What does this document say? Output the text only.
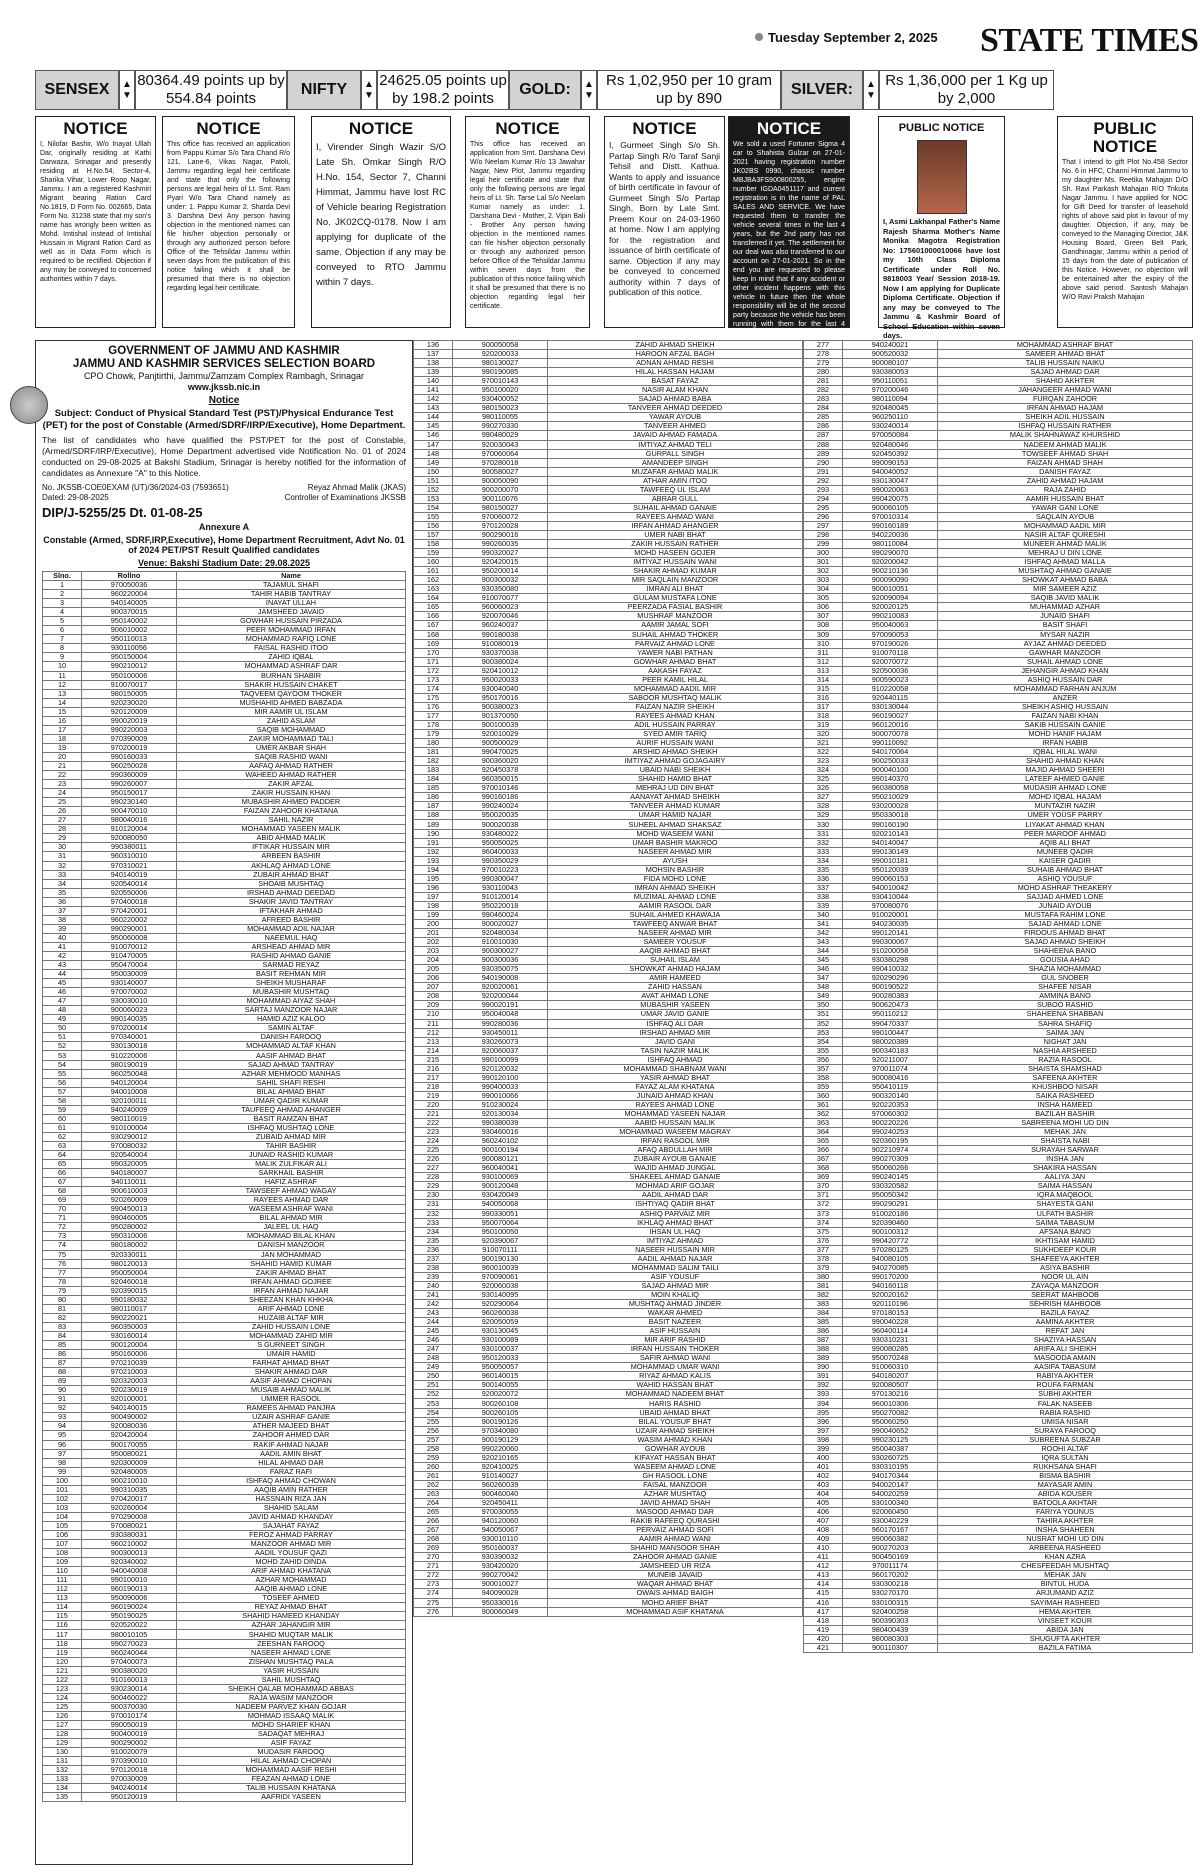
Tuesday September 2, 2025 STATE TIMES
SENSEX	▲
▼
80364.49 points up by 554.84 points
NIFTY	▲
▼
24625.05 points up by 198.2 points
GOLD:	▲
▼
Rs 1,02,950 per 10 gram up by 890
SILVER:	▲
▼
Rs 1,36,000 per 1 Kg up by 2,000
NOTICE

I, Nilofar Bashir, W/o Inayat Ullah Dar, originally residing at Kathi Darwaza, Srinagar and presently residing at H.No.54, Sector-4, Sharika Vihar, Lower Roop Nagar, Jammu. I am a registered Kashmiri Migrant bearing Ration Card No.1819, D Form No. 002665, Data Form No. 31238 state that my son's name has wrongly been written as Mohd. Imtishal instead of Imtishal Hussain in Migrant Ration Card as well as in Data Form which is required to be rectified. Objection if any may be conveyed to concerned authorities within 7 days.

NOTICE

This office has received an application from Pappu Kumar S/o Tara Chand R/o 121, Lane-6, Vikas Nagar, Patoli, Jammu regarding legal heir certificate and state that only the following persons are legal heirs of Lt. Smt. Ram Pyari W/o Tara Chand namely as under: 1. Pappu Kumar 2. Sharda Devi 3. Darshna Devi Any person having objection in the mentioned names can file his/her objection personally or through any authorized person before Office of the Tehsildar Jammu within seven days from the publication of this notice failing which it shall be presumed that there is no objection regarding legal heir certificate.

NOTICE

I, Virender Singh Wazir S/O Late Sh. Omkar Singh R/O H.No. 154, Sector 7, Channi Himmat, Jammu have lost RC of Vehicle bearing Registration No. JK02CQ-0178. Now I am applying for duplicate of the same. Objection if any may be conveyed to RTO Jammu within 7 days.

NOTICE

This office has received an application from Smt. Darshana Devi W/o Neelam Kumar R/o 13 Jawahar Nagar, New Plot, Jammu regarding legal heir certificate and state that only the following persons are legal heirs of Lt. Sh. Tarse Lal S/o Neelam Kumar namely as under: 1. Darshana Devi - Mother, 2. Vipin Bali - Brother Any person having objection in the mentioned names can file his/her objection personally or through any authorized person before Office of the Tehsildar Jammu within seven days from the publication of this notice failing which it shall be presumed that there is no objection regarding legal heir certificate.

NOTICE

I, Gurmeet Singh S/o Sh. Partap Singh R/o Taraf Sanji Tehsil and Distt. Kathua. Wants to apply and issuance of birth certificate in favour of Gurmeet Singh S/o Partap Singh, Born by Late Smt. Preem Kour on 24-03-1960 at home. Now I am applying for the registration and issuance of birth certificate of same. Objection if any may be conveyed to concerned authority within 7 days of publication of this notice.

NOTICE

We sold a used Fortuner Sigma 4 car to Shahista Gulzar on 27-01-2021 having registration number JK02BS 0990, chassis number MBJBA3FS900800255, engine number IGDA0451117 and current registration is in the name of PAL SALES AND SERVICE. We have requested them to transfer the vehicle several times in the last 4 years, but the 2nd party has not transferred it yet. The settlement for our deal was also transferred to our account on 27-01-2021. So in the end you are requested to please keep in mind that if any accident or other incident happens with this vehicle in future then the whole responsibility will be of the second party because the vehicle has been running with them for the last 4 years and has not been transferred by them yet.

PUBLIC NOTICE

I, Asmi Lakhanpal Father's Name Rajesh Sharma Mother's Name Monika Magotra Registration No: 175601000010066 have lost my 10th Class Diploma Certificate under Roll No. 9818003 Year/ Session 2018-19. Now I am applying for Duplicate Diploma Certificate. Objection if any may be conveyed to The Jammu & Kashmir Board of School Education within seven days.

PUBLIC NOTICE

That I intend to gift Plot No.458 Sector No. 6 in HFC, Channi Himmat Jammu to my daughter Ms. Reetika Mahajan D/O Sh. Ravi Parkash Mahajan R/O Trikuta Nagar Jammu. I have applied for NOC for Gift Deed for transfer of leasehold rights of above said plot in favour of my daughter. Objection, if any, may be conveyed to the Managing Director, J&K Housing Board, Green Belt Park, Gandhinagar, Jammu within a period of 15 days from the date of publication of this Notice. However, no objection will be entertained after the expiry of the above said period. Santosh Mahajan W/O Ravi Praksh Mahajan

GOVERNMENT OF JAMMU AND KASHMIR
JAMMU AND KASHMIR SERVICES SELECTION BOARD
CPO Chowk, Panjtirthi, Jammu/Zamzam Complex Rambagh, Srinagar
www.jkssb.nic.in
Notice
Subject: Conduct of Physical Standard Test (PST)/Physical Endurance Test (PET) for the post of Constable (Armed/SDRF/IRP/Executive), Home Department.
The list of candidates who have qualified the PST/PET for the post of Constable, (Armed/SDRF/IRP/Executive), Home Department advertised vide Notification No. 01 of 2024 conducted on 29-08-2025 at Bakshi Stadium, Srinagar is hereby notified for the information of candidates as Annexure "A" to this Notice.
No. JKSSB-COE0EXAM (UT)/36/2024-03 (7593651)
Dated: 29-08-2025
Reyaz Ahmad Malik (JKAS)
Controller of Examinations JKSSB
DIP/J-5255/25 Dt. 01-08-25
Annexure A
Constable (Armed, SDRF,IRP,Executive), Home Department Recruitment, Advt No. 01 of 2024 PET/PST Result Qualified candidates
Venue: Bakshi Stadium Date: 29.08.2025
Slno.	Rollno	Name
1	970050036	TAJAMUL SHAFI
2	960220004	TAHIR HABIB TANTRAY
3	940140005	INAYAT ULLAH
4	900370015	JAMSHEED JAVAID
5	950140002	GOWHAR HUSSAIN PIRZADA
6	906010002	PEER MOHAMMAD IRFAN
7	950110013	MOHAMMAD RAFIQ LONE
8	930110056	FAISAL RASHID ITOO
9	950150004	ZAHID IQBAL
10	990210012	MOHAMMAD ASHRAF DAR
11	950100006	BURHAN SHABIR
12	910070017	SHAKIR HUSSAIN CHAKET
13	980150005	TAQVEEM QAYOOM THOKER
14	920230020	MUSHAHID AHMED BABZADA
15	920120009	MIR AAMIR UL ISLAM
16	990020019	ZAHID ASLAM
17	990220003	SAQIB MOHAMMAD
18	970390009	ZAKIR MOHAMMAD TALI
19	970200019	UMER AKBAR SHAH
20	990160033	SAQIB RASHID WANI
21	960250028	AAFAQ AHMAD RATHER
22	990360009	WAHEED AHMAD RATHER
23	990260007	ZAKIR AFZAL
24	950150017	ZAKIR HUSSAIN KHAN
25	990230140	MUBASHIR AHMED PADDER
26	900470010	FAIZAN ZAHOOR KHATANA
27	980040016	SAHIL NAZIR
28	910120004	MOHAMMAD YASEEN MALIK
29	920080050	ABID AHMAD MALIK
30	990380011	IFTIKAR HUSSAIN MIR
31	960310010	ARBEEN BASHIR
32	970310021	AKHLAQ AHMAD LONE
33	940140019	ZUBAIR AHMAD BHAT
34	920540014	SHOAIB MUSHTAQ
35	920550006	IRSHAD AHMAD DEEDAD
36	970400018	SHAKIR JAVID TANTRAY
37	970420001	IFTAKHAR AHMAD
38	960220002	AFREED BASHIR
39	990290001	MOHAMMAD ADIL NAJAR
40	950060008	NAEEMUL HAQ
41	910070012	ARSHEAD AHMAD MIR
42	910470005	RASHID AHMAD GANIE
43	950470004	SARMAD REYAZ
44	950030009	BASIT REHMAN MIR
45	930140007	SHEIKH MUSHARAF
46	970070002	MUBASHIR MUSHTAQ
47	930030010	MOHAMMAD AIYAZ SHAH
48	900060023	SARTAJ MANZOOR NAJAR
49	990140035	HAMID AZIZ KALOO
50	970200014	SAMIN ALTAF
51	970340001	DANISH FAROOQ
52	930130018	MOHAMMAD ALTAF KHAN
53	910220006	AASIF AHMAD BHAT
54	980190019	SAJAD AHMAD TANTRAY
55	960250048	AZHAR MEHMOOD MANHAS
56	940120004	SAHIL SHAFI RESHI
57	940010008	BILAL AHMAD BHAT
58	920100011	UMAR QADIR KUMAR
59	940240009	TAUFEEQ AHMAD AHANGER
60	980110019	BASIT RAMZAN BHAT
61	910100004	ISHFAQ MUSHTAQ LONE
62	930290012	ZUBAID AHMAD MIR
63	970080032	TAHIR BASHIR
64	920540004	JUNAID RASHID KUMAR
65	990320005	MALIK ZULFIKAR ALI
66	940180007	SARKHAIL BASHIR
67	940110011	HAFIZ ASHRAF
68	900610003	TAWSEEF AHMAD WAGAY
69	920260009	RAYEES AHMAD DAR
70	990450013	WASEEM ASHRAF WANI
71	990460005	BILAL AHMAD MIR
72	950280002	JALEEL UL HAQ
73	990310006	MOHAMMAD BILAL KHAN
74	980180002	DANISH MANZOOR
75	920330011	JAN MOHAMMAD
76	980120013	SHAHID HAMID KUMAR
77	950050004	ZAKIR AHMAD BHAT
78	920460018	IRFAN AHMAD GOJREE
79	920390015	IRFAN AHMAD NAJAR
80	990180032	SHEEZAN KHAN KHKHA
81	980110017	ARIF AHMAD LONE
82	990220021	HUZAIB ALTAF MIR
83	960350003	ZAHID HUSSAIN LONE
84	930160014	MOHAMMAD ZAHID MIR
85	900120004	S GURNEET SINGH
86	950160006	UMAIR HAMID
87	970210039	FARHAT AHMAD BHAT
88	970210003	SHAKIR AHMAD DAR
89	920320003	AASIF AHMAD CHOPAN
90	920230019	MUSAIB AHMAD MALIK
91	920100001	UMMER RASOOL
92	940140015	RAMEES AHMAD PANJRA
93	900490002	UZAIR ASHRAF GANIE
94	920080036	ATHER MAJEED BHAT
95	920420004	ZAHOOR AHMED DAR
96	900170055	RAKIF AHMAD NAJAR
97	950080021	AADIL AMIN BHAT
98	920300009	HILAL AHMAD DAR
99	920480005	FARAZ RAFI
100	900210010	ISHFAQ AHMAD CHOWAN
101	990310035	AAQIB AMIN RATHER
102	970420017	HASSNAIN RIZA JAN
103	920260004	SHAHID SALAM
104	970290008	JAVID AHMAD KHANDAY
105	970080021	SAJAHAT FAYAZ
106	930380031	FEROZ AHMAD PARRAY
107	960210002	MANZOOR AHMAD MIR
108	900300013	AADIL YOUSUF QAZI
109	920340002	MOHD ZAHID DINDA
110	940040008	ARIF AHMAD KHATANA
111	990100010	AZHAR MOHAMMAD
112	960190013	AAQIB AHMAD LONE
113	950090006	TOSEEF AHMED
114	960190024	REYAZ AHMAD BHAT
115	950190025	SHAHID HAMEED KHANDAY
116	920520022	AZHAR JAHANGIR MIR
117	980010105	SHAHID MUQTAR MALIK
118	990270023	ZEESHAN FAROOQ
119	960240044	NASEER AHMAD LONE
120	970400073	ZISHAN MUSHTAQ PALA
121	900380020	YASIR HUSSAIN
122	910160013	SAHIL MUSHTAQ
123	930230014	SHEIKH QALAB MOHAMMAD ABBAS
124	900460022	RAJA WASIM MANZOOR
125	900370030	NADEEM PARVEZ KHAN GOJAR
126	970010174	MOHMAD ISSAAQ MALIK
127	990050019	MOHD SHARIEF KHAN
128	900400019	SADAQAT MEHRAJ
129	900290002	ASIF FAYAZ
130	910020079	MUDASIR FAROOQ
131	970390010	HILAL AHMAD CHOPAN
132	970120018	MOHAMMAD AASIF RESHI
133	970030009	FEAZAN AHMAD LONE
134	940240014	TALIB HUSSAIN KHATANA
135	950120019	AAFRIDI YASEEN
136	900050058	ZAHID AHMAD SHEIKH
137	920200033	HAROON AFZAL BAGH
138	980130027	ADNAN AHMAD RESHI
139	990190085	HILAL HASSAN HAJAM
140	970010143	BASAT FAYAZ
141	950100020	NASIR ALAM KHAN
142	930400052	SAJAD AHMAD BABA
143	980150023	TANVEER AHMAD DEEDED
144	980110055	YAWAR AYOUB
145	990270330	TANVEER AHMED
146	990480029	JAVAID AHMAD FAMADA
147	920030043	IMTIYAZ AHMAD TELI
148	970060064	GURPALL SINGH
149	970280018	AMANDEEP SINGH
150	900580027	MUZAFAR AHMAD MALIK
151	900050090	ATHAR AMIN ITOO
152	900200070	TAWFEEQ UL ISLAM
153	900110076	ABRAR GULL
154	980150027	SUHAIL AHMAD GANAIE
155	970060072	RAYEES AHMAD WANI
156	970120028	IRFAN AHMAD AHANGER
157	900290016	UMER NABI BHAT
158	990260035	ZAKIR HUSSAIN RATHER
159	990320027	MOHD HASEEN GOJER
160	920420015	IMTIYAZ HUSSAIN WANI
161	950200014	SHAKIR AHMAD KUMAR
162	900300032	MIR SAQLAIN MANZOOR
163	930350080	IMRAN ALI BHAT
164	910070077	GULAM MUSTAFA LONE
165	960060023	PEERZADA FASIAL BASHIR
166	920070046	MUSHRAF MANZOOR
167	960240037	AAMIR JAMAL SOFI
168	990180038	SUHAIL AHMAD THOKER
169	910080019	PARVAIZ AHMAD LONE
170	930370038	YAWER NABI PATHAN
171	900380024	GOWHAR AHMAD BHAT
172	920410012	AAKASH FAYAZ
173	950020033	PEER KAMIL HILAL
174	930040040	MOHAMMAD AADIL MIR
175	950170016	SABOOR MUSHTAQ MALIK
176	900380023	FAIZAN NAZIR SHEIKH
177	901370050	RAYEES AHMAD KHAN
178	900100039	ADIL HUSSAIN PARRAY
179	920010029	SYED AMIR TARIQ
180	900500029	AURIF HUSSAIN WANI
181	990470025	ARSHID AHMAD SHEIKH
182	900360020	IMTIYAZ AHMAD GOJAGAIRY
183	920450378	UBAID NABI SHEIKH
184	960350015	SHAHID HAMID BHAT
185	970010146	MEHRAJ UD DIN BHAT
186	990160186	AANAYAT AHMAD SHEIKH
187	990240024	TANVEER AHMAD KUMAR
188	950020035	UMAR HAMID NAJAR
189	900020038	SUHEEL AHMAD SHAKSAZ
190	930480022	MOHD WASEEM WANI
191	950050025	UMAR BASHIR MAKROO
192	960400033	NASEER AHMAD MIR
193	990350029	AYUSH
194	970010223	MOHSIN BASHIR
195	990300047	FIDA MOHD LONE
196	930110043	IMRAN AHMAD SHEIKH
197	910120014	MUZIMAL AHMAD LONE
198	950220018	AAMIR RASOOL DAR
199	990460024	SUHAIL AHMED KHAWAJA
200	900020027	TAWFEEQ ANWAR BHAT
201	920480034	NASEER AHMAD MIR
202	910010030	SAMEER YOUSUF
203	900300027	AAQIB AHMAD BHAT
204	900300036	SUHAIL ISLAM
205	930350075	SHOWKAT AHMAD HAJAM
206	940190008	AMIR HAMEED
207	920020061	ZAHID HASSAN
208	920200044	AVAT AHMAD LONE
209	990020191	MUBASHIR YASEEN
210	950040048	UMAR JAVID GANIE
211	990280036	ISHFAQ ALI DAR
212	930450011	IRSHAD AHMAD MIR
213	930260073	JAVID GANI
214	920060037	TASIN NAZIR MALIK
215	990100099	ISHFAQ AHMAD
216	920120032	MOHAMMAD SHABNAM WANI
217	990120100	YASIR AHMAD BHAT
218	990400033	FAYAZ ALAM KHATANA
219	990010066	JUNAID AHMAD KHAN
220	910230024	RAYEES AHMAD LONE
221	920130034	MOHAMMAD YASEEN NAJAR
222	990380039	AABID HUSSAIN MALIK
223	930460016	MOHAMMAD WASEEM MAGRAY
224	960240102	IRFAN RASOOL MIR
225	900100194	AFAQ ABDULLAH MIR
226	900080121	ZUBAIR AYOUB GANAIE
227	960040041	WAJID AHMAD JUNGAL
228	930100069	SHAKEEL AHMAD GANAIE
229	900120048	MOHMAD ARIF GOJAR
230	930420049	AADIL AHMAD DAR
231	940050068	ISHTIYAQ QADIR BHAT
232	990330051	ASHIQ PARVAIZ MIR
233	950070064	IKHLAQ AHMAD BHAT
234	950100050	IHSAN UL HAQ
235	920390067	IMTIYAZ AHMAD
236	910070111	NASEER HUSSAIN MIR
237	900190130	AADIL AHMAD NAJAR
238	960010039	MOHAMMAD SALIM TAILI
239	970090061	ASIF YOUSUF
240	920060038	SAJAD AHMAD MIR
241	930140095	MOIN KHALIQ
242	920290064	MUSHTAQ AHMAD JINDER
243	960260038	WAKAR AHMED
244	920050059	BASIT NAZEER
245	930130045	ASIF HUSSAIN
246	930100089	MIR ARIF RASHID
247	930100037	IRFAN HUSSAIN THOKER
248	950120033	SAFIR AHMAD WANI
249	950050057	MOHAMMAD UMAR WANI
250	960140015	RIYAZ AHMAD KALIS
251	900140055	WAHID HASSAN BHAT
252	920020072	MOHAMMAD NADEEM BHAT
253	900260108	HARIS RASHID
254	900260105	UBAID AHMAD BHAT
255	900190126	BILAL YOUSUF BHAT
256	970340080	UZAIR AHMAD SHEIKH
257	900190129	WASIM AHMAD KHAN
258	990220060	GOWHAR AYOUB
259	920210165	KIFAYAT HASSAN BHAT
260	920410025	WASEEM AHMAD LONE
261	910140027	GH RASOOL LONE
262	960260039	FAISAL MANZOOR
263	900460040	AZHAR MUSHTAQ
264	920450411	JAVID AHMAD SHAH
265	970030055	MASOOD AHMAD DAR
266	940120060	RAKIB RAFEEQ QURASHI
267	940050067	PERVAIZ AHMAD SOFI
268	930010110	AAMIR AHMAD WANI
269	950160037	SHAHID MANSOOR SHAH
270	930390032	ZAHOOR AHMAD GANIE
271	930420020	JAMSHEED UR RIZA
272	990270042	MUNEIB JAVAID
273	900010027	WAQAR AHMAD BHAT
274	940090028	OWAIS AHMAD BAIGH
275	950330016	MOHD ARIEF BHAT
276	900060049	MOHAMMAD ASIF KHATANA
277	940240021	MOHAMMAD ASHRAF BHAT
278	900520032	SAMEER AHMAD BHAT
279	900080107	TALIB HUSSAIN NAIKU
280	930380053	SAJAD AHMAD DAR
281	950110051	SHAHID AKHTER
282	970200046	JAHANGEER AHMAD WANI
283	980110094	FURQAN ZAHOOR
284	920480045	IRFAN AHMAD HAJAM
285	960250110	SHEIKH ADIL HUSSAIN
286	930240014	ISHFAQ HUSSAIN RATHER
287	970050084	MALIK SHAHNAWAZ KHURSHID
288	920480046	NADEEM AHMAD MALIK
289	920450392	TOWSEEF AHMAD SHAH
290	990090153	FAIZAN AHMAD SHAH
291	940040052	DANISH FAYAZ
292	930130047	ZAHID AHMAD HAJAM
293	990020063	RAJA ZAHID
294	990420075	AAMIR HUSSAIN BHAT
295	900060105	YAWAR GANI LONE
296	970010314	SAQLAIN AYOUB
297	990160189	MOHAMMAD AADIL MIR
298	940220036	NASIR ALTAF QURESHI
299	980110084	MUNEER AHMAD MALIK
300	990290070	MEHRAJ U DIN LONE
301	920200042	ISHFAQ AHMAD MALLA
302	900210136	MUSHTAQ AHMAD GANAIE
303	900090090	SHOWKAT AHMAD BABA
304	900010051	MIR SAMEER AZIZ
305	920090094	SAQIB JAVID MALIK
306	920020125	MUHAMMAD AZHAR
307	990210083	JUNAID SHAFI
308	950040063	BASIT SHAFI
309	970090053	MYSAR NAZIR
310	970190026	AYJAZ AHMAD DEEDED
311	910070118	GAWHAR MANZOOR
312	920070072	SUHAIL AHMAD LONE
313	920500036	JEHANGIR AHMAD KHAN
314	900590023	ASHIQ HUSSAIN DAR
315	910220058	MOHAMMAD FARHAN ANJUM
316	920440115	ANZER
317	930130044	SHEIKH ASHIQ HUSSAIN
318	960190027	FAIZAN NABI KHAN
319	960120016	SAKIB HUSSAIN GANIE
320	900070078	MOHD HANIF HAJAM
321	990110092	IRFAN HABIB
322	940170064	IQBAL HILAL WANI
323	900250033	SHAHID AHMAD KHAN
324	900040100	MAJID AHMAD SHEERI
325	990140370	LATEEF AHMED GANIE
326	960380058	MUDASIR AHMAD LONE
327	950210029	MOHD IQBAL HAJAM
328	930200028	MUNTAZIR NAZIR
329	950330018	UMER YOUSF PARRY
330	990160190	LIYAKAT AHMAD KHAN
331	920210143	PEER MAROOF AHMAD
332	940140047	AQIB ALI BHAT
333	990130149	MUNEEB QADIR
334	990010181	KAISER QADIR
335	950120039	SUHAIB AHMAD BHAT
336	990060153	ASHIQ YOUSUF
337	940010042	MOHD ASHRAF THEAKERY
338	930410044	SAJJAD AHMED LONE
339	970080076	JUNAID AYOUB
340	910020001	MUSTAFA RAHIM LONE
341	940230035	SAJAD AHMAD LONE
342	990120141	FIRDOUS AHMAD BHAT
343	990300067	SAJAD AHMAD SHEIKH
344	910200058	SHAHEENA BANO
345	930380298	GOUSIA AHAD
346	990410032	SHAZIA MOHAMMAD
347	920290296	GUL SNOBER
348	900190522	SHAFEE NISAR
349	900280383	AMMINA BANO
350	900620473	SUBOO RASHID
351	950110212	SHAHEENA SHABBAN
352	990470337	SAHRA SHAFIQ
353	990100447	SAIMA JAN
354	980020389	NIGHAT JAN
355	900340183	NASHIA ARSHEED
356	920211007	RAZIA RASOOL
357	970011074	SHAISTA SHAMSHAD
358	900080416	SAFEENA AKHTER
359	950410119	KHUSHBOO NISAR
360	900320140	SAIKA RASHEED
361	920220353	INSHA HAMEED
362	970060302	BAZILAH BASHIR
363	900220226	SABREENA MOHI UD DIN
364	990240253	MEHAK JAN
365	920360195	SHAISTA NABI
366	902210974	SURAYAH SARWAR
367	990270309	INSHA JAN
368	950060266	SHAKIRA HASSAN
369	990240145	AALIYA JAN
370	930320582	SAIMA HASSAN
371	950050342	IQRA MAQBOOL
372	990290291	SHAYESTA GANI
373	910020186	ULFATH BASHIR
374	920390460	SAIMA TABASUM
375	900100312	AFSANA BANO
376	990420772	IKHTISAM HAMID
377	970280125	SUKHDEEP KOUR
378	940080105	SHAFEEYA AKHTER
379	940270085	ASIYA BASHIR
380	990170200	NOOR UL AIN
381	940160118	ZAYAQA MANZOOR
382	920020162	SEERAT MAHBOOB
383	920110196	SEHRISH MAHBOOB
384	970180153	BAZILA FAYAZ
385	990040228	AAMINA AKHTER
386	960400114	REFAT JAN
387	930310231	SHAZIYA HASSAN
388	990080285	ARIFA ALI SHEIKH
389	950070248	MASOODA AMAIN
390	910060310	AASIFA TABASUM
391	940180207	RABIYA AKHTER
392	920080507	ROUFA FARMAN
393	970130216	SUBHI AKHTER
394	960010306	FALAK NASEEB
395	950270082	RABIA RASHID
396	950060250	UMISA NISAR
397	990040652	SURAYA FAROOQ
398	990230125	SUBREENA SUBZAR
399	950040387	ROOHI ALTAF
400	930260725	IQRA SULTAN
401	930310195	RUKHSANA SHAFI
402	940170344	BISMA BASHIR
403	940020147	MAYASAR AMIN
404	940020259	ABIDA KOUSER
405	930100340	BATOOLA AKHTAR
406	920060450	FARIYA YOUNUS
407	930040229	TAHIRA AKHTER
408	960170167	INSHA SHAHEEN
409	990060382	NUSRAT MOHI UD DIN
410	900270203	ARBEENA RASHEED
411	900450169	KHAN AZRA
412	970011174	CHESFEEDAH MUSHTAQ
413	960170202	MEHAK JAN
414	930300218	BINTUL HUDA
415	930270170	ARJUMAND AZIZ
416	930100315	SAYIMAH RASHEED
417	920400258	HEMA AKHTER
418	900390303	VINSEET KOUR
419	980400439	ABIDA JAN
420	980080303	SHUGUFTA AKHTER
421	900110307	BAZILA FATIMA
